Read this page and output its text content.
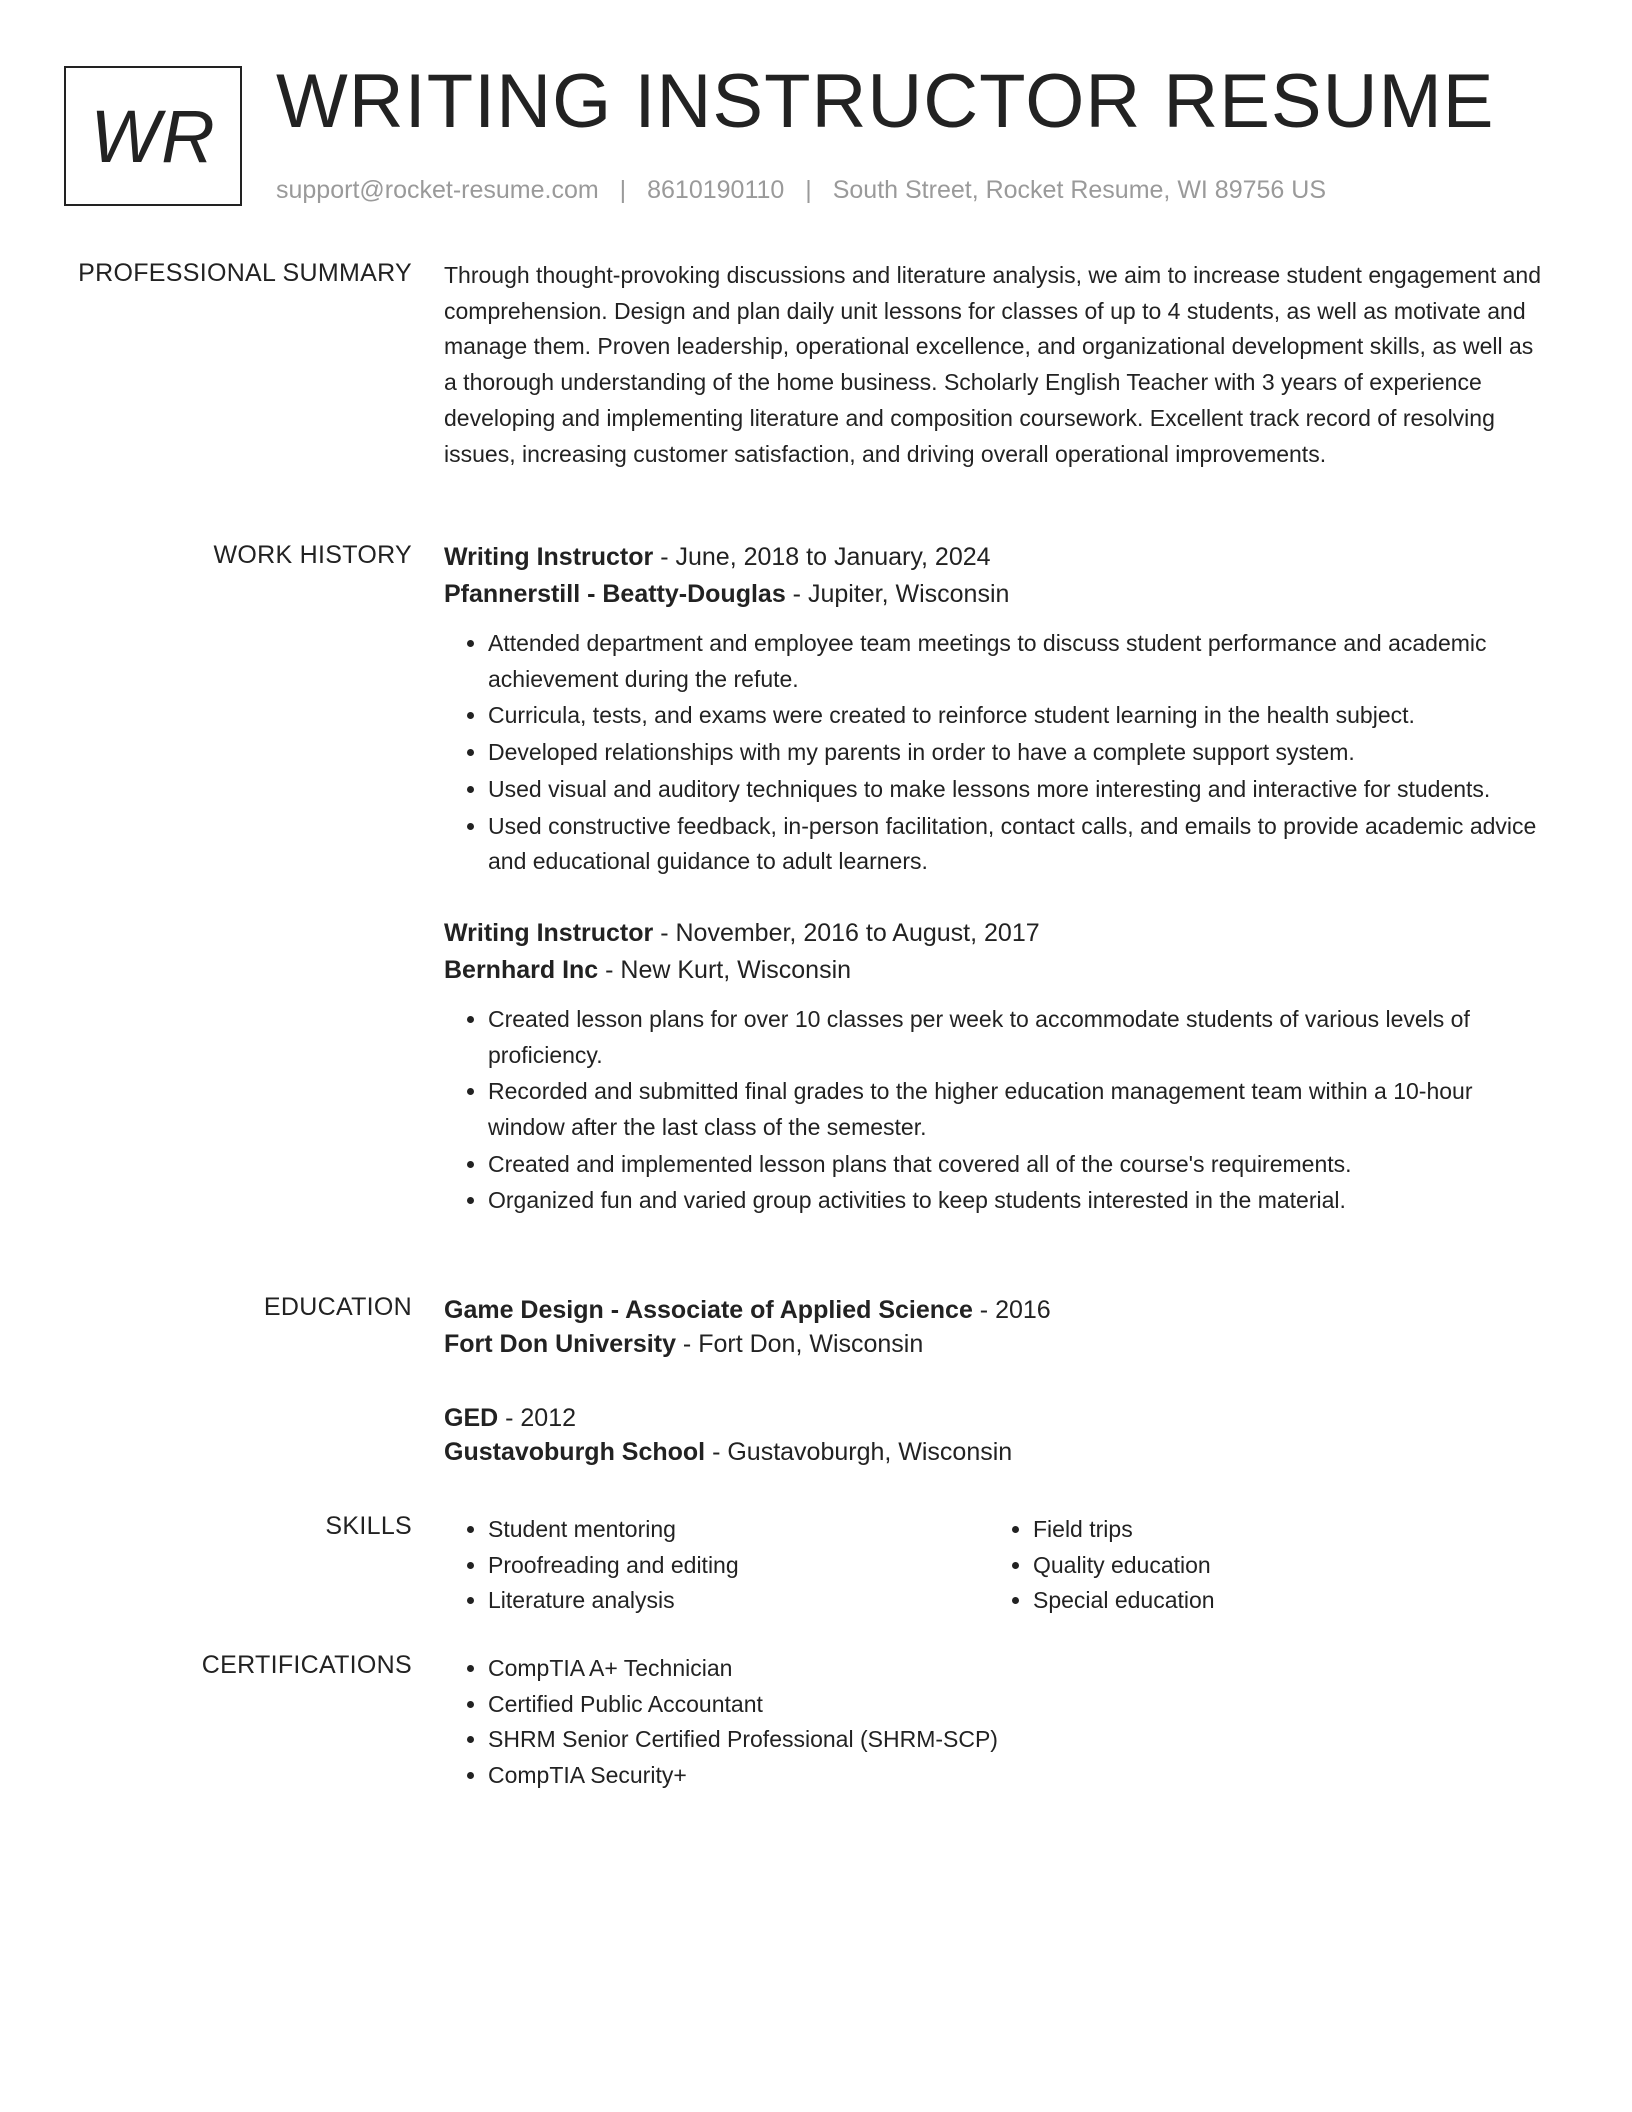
WR WRITING INSTRUCTOR RESUME
support@rocket-resume.com | 8610190110 | South Street, Rocket Resume, WI 89756 US
PROFESSIONAL SUMMARY Through thought-provoking discussions and literature analysis, we aim to increase student engagement and comprehension. Design and plan daily unit lessons for classes of up to 4 students, as well as motivate and manage them. Proven leadership, operational excellence, and organizational development skills, as well as a thorough understanding of the home business. Scholarly English Teacher with 3 years of experience developing and implementing literature and composition coursework. Excellent track record of resolving issues, increasing customer satisfaction, and driving overall operational improvements.

WORK HISTORY Writing Instructor - June, 2018 to January, 2024

Pfannerstill - Beatty-Douglas - Jupiter, Wisconsin

• Attended department and employee team meetings to discuss student performance and academic achievement during the refute.
• Curricula, tests, and exams were created to reinforce student learning in the health subject.
• Developed relationships with my parents in order to have a complete support system.
• Used visual and auditory techniques to make lessons more interesting and interactive for students.
• Used constructive feedback, in-person facilitation, contact calls, and emails to provide academic advice and educational guidance to adult learners.

Writing Instructor - November, 2016 to August, 2017

Bernhard Inc - New Kurt, Wisconsin

• Created lesson plans for over 10 classes per week to accommodate students of various levels of proficiency.
• Recorded and submitted final grades to the higher education management team within a 10-hour window after the last class of the semester.
• Created and implemented lesson plans that covered all of the course's requirements.
• Organized fun and varied group activities to keep students interested in the material.
EDUCATION Game Design - Associate of Applied Science - 2016

Fort Don University - Fort Don, Wisconsin

GED - 2012

Gustavoburgh School - Gustavoburgh, Wisconsin

SKILLS	• Student mentoring
• Proofreading and editing
• Literature analysis
• Field trips
• Quality education
• Special education
CERTIFICATIONS	• CompTIA A+ Technician
• Certified Public Accountant
• SHRM Senior Certified Professional (SHRM-SCP)
• CompTIA Security+
